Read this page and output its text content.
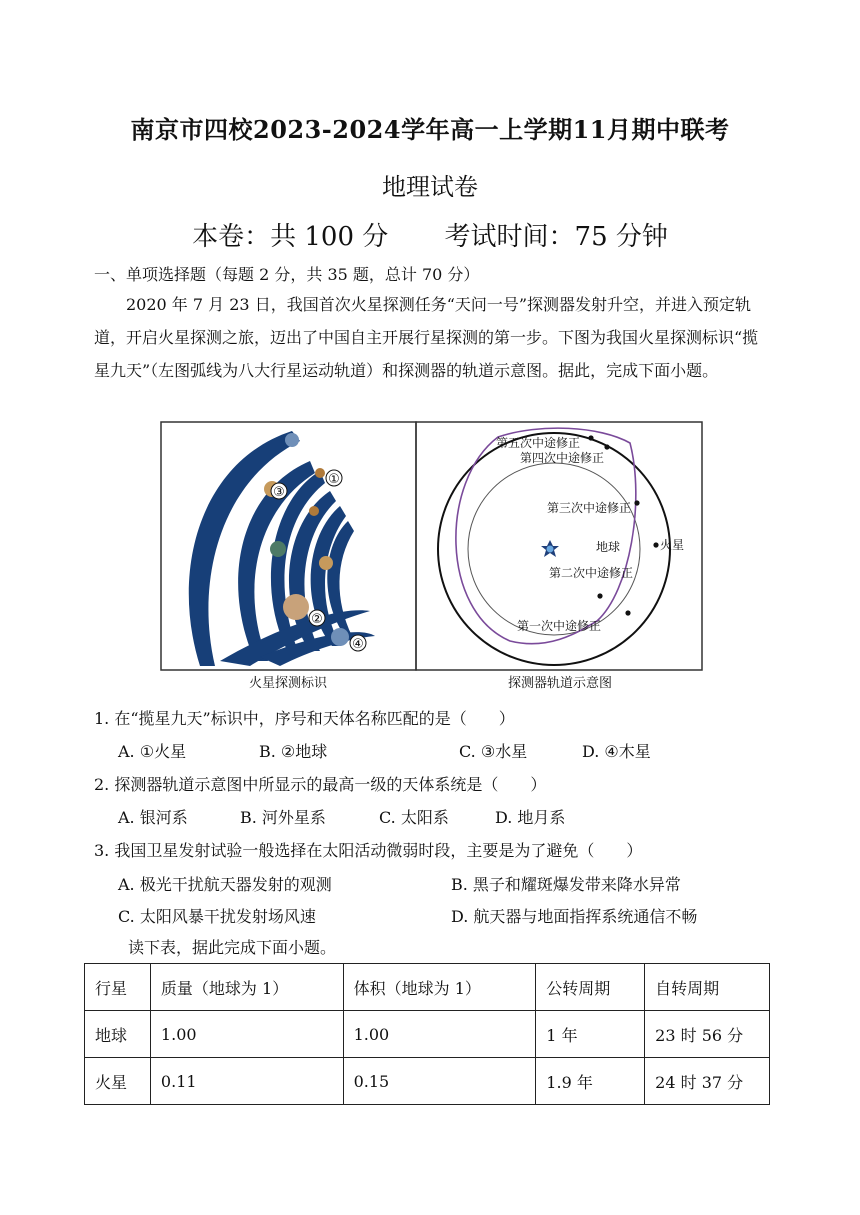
南京市四校2023-2024学年高一上学期11月期中联考
地理试卷
本卷：共 100 分 考试时间：75 分钟
一、单项选择题（每题 2 分，共 35 题，总计 70 分）
2020 年 7 月 23 日，我国首次火星探测任务“天问一号”探测器发射升空，并进入预定轨道，开启火星探测之旅，迈出了中国自主开展行星探测的第一步。下图为我国火星探测标识“揽星九天”（左图弧线为八大行星运动轨道）和探测器的轨道示意图。据此，完成下面小题。
①
②
③
④
第五次中途修正
第四次中途修正
第三次中途修正
地球	火星
第二次中途修正
第一次中途修正
火星探测标识	探测器轨道示意图
1. 在“揽星九天”标识中，序号和天体名称匹配的是（　　）
A. ①火星	B. ②地球	C. ③水星	D. ④木星
2. 探测器轨道示意图中所显示的最高一级的天体系统是（　　）
A. 银河系	B. 河外星系	C. 太阳系	D. 地月系
3. 我国卫星发射试验一般选择在太阳活动微弱时段，主要是为了避免（　　）
A. 极光干扰航天器发射的观测	B. 黑子和耀斑爆发带来降水异常
C. 太阳风暴干扰发射场风速	D. 航天器与地面指挥系统通信不畅
读下表，据此完成下面小题。
行星	质量（地球为 1）	体积（地球为 1）	公转周期	自转周期
地球	1.00	1.00	1 年	23 时 56 分
火星	0.11	0.15	1.9 年	24 时 37 分
